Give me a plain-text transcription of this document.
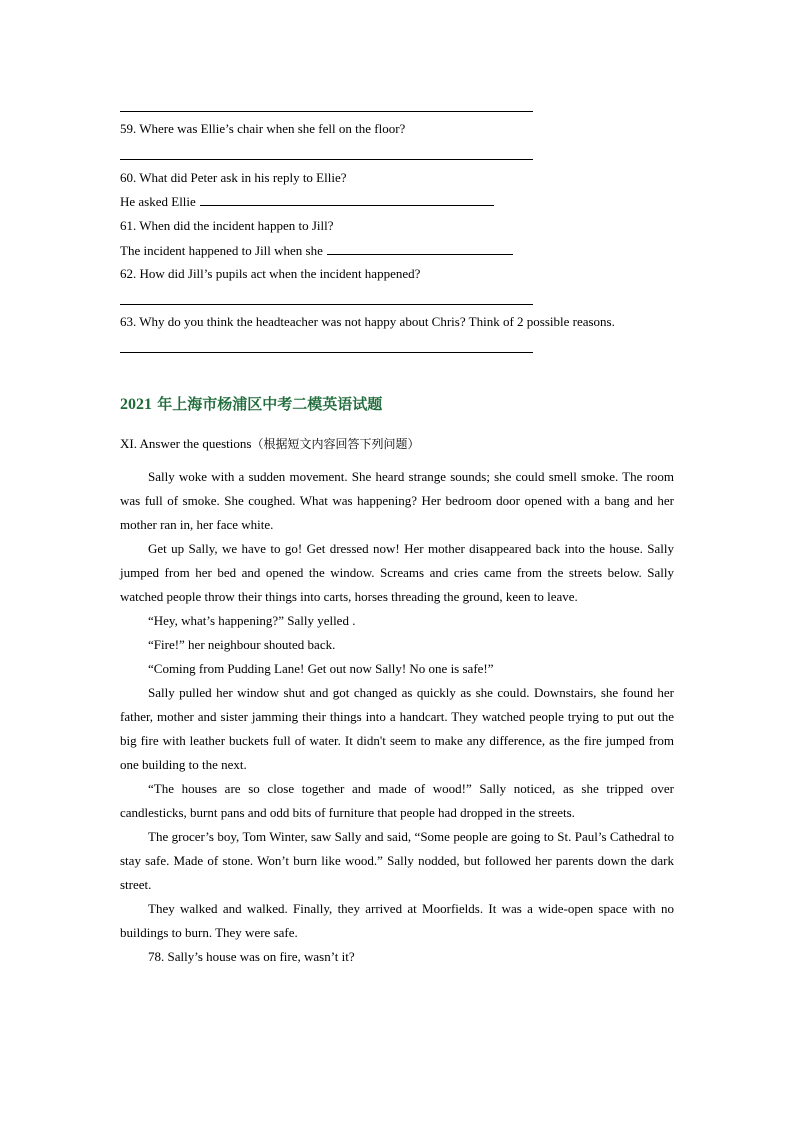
59. Where was Ellie’s chair when she fell on the floor?
60. What did Peter ask in his reply to Ellie?
He asked Ellie
61. When did the incident happen to Jill?
The incident happened to Jill when she
62. How did Jill’s pupils act when the incident happened?
63. Why do you think the headteacher was not happy about Chris? Think of 2 possible reasons.
2021 年上海市杨浦区中考二模英语试题
XI. Answer the questions（根据短文内容回答下列问题）

Sally woke with a sudden movement. She heard strange sounds; she could smell smoke. The room was full of smoke. She coughed. What was happening? Her bedroom door opened with a bang and her mother ran in, her face white.

Get up Sally, we have to go! Get dressed now! Her mother disappeared back into the house. Sally jumped from her bed and opened the window. Screams and cries came from the streets below. Sally watched people throw their things into carts, horses threading the ground, keen to leave.

“Hey, what’s happening?” Sally yelled .

“Fire!” her neighbour shouted back.

“Coming from Pudding Lane! Get out now Sally! No one is safe!”

Sally pulled her window shut and got changed as quickly as she could. Downstairs, she found her father, mother and sister jamming their things into a handcart. They watched people trying to put out the big fire with leather buckets full of water. It didn't seem to make any difference, as the fire jumped from one building to the next.

“The houses are so close together and made of wood!” Sally noticed, as she tripped over candlesticks, burnt pans and odd bits of furniture that people had dropped in the streets.

The grocer’s boy, Tom Winter, saw Sally and said, “Some people are going to St. Paul’s Cathedral to stay safe. Made of stone. Won’t burn like wood.” Sally nodded, but followed her parents down the dark street.

They walked and walked. Finally, they arrived at Moorfields. It was a wide-open space with no buildings to burn. They were safe.

78. Sally’s house was on fire, wasn’t it?
